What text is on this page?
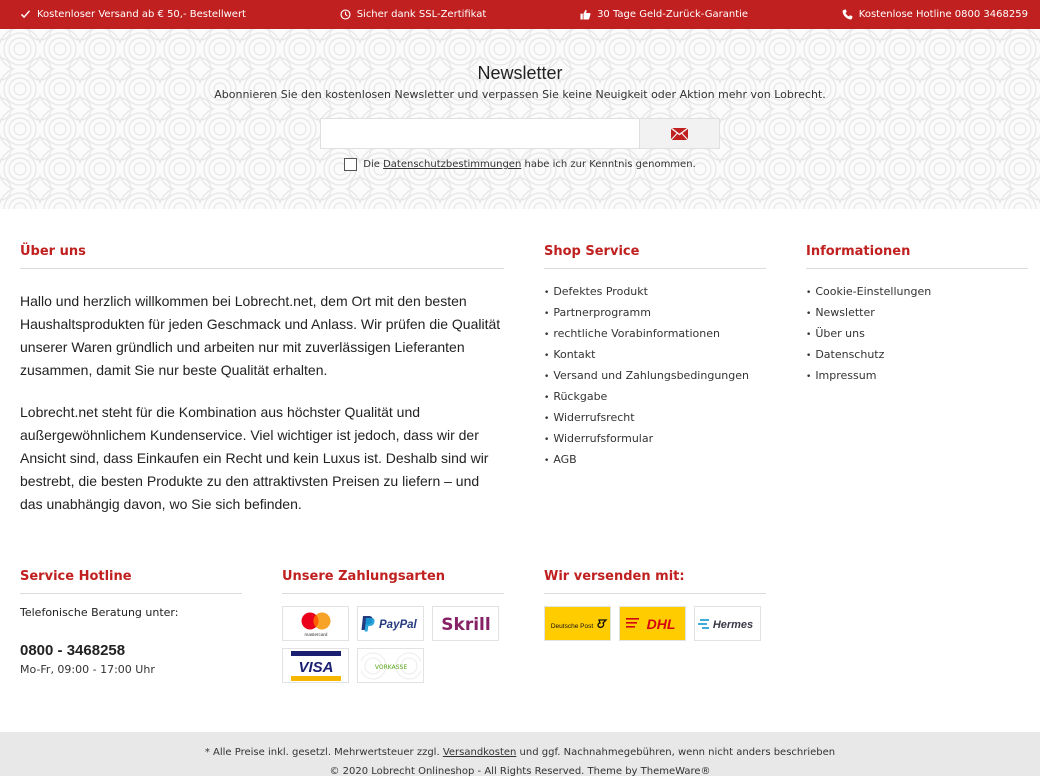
Kostenloser Versand ab € 50,- Bestellwert	Sicher dank SSL-Zertifikat	30 Tage Geld-Zurück-Garantie	Kostenlose Hotline 0800 3468259
Newsletter
Abonnieren Sie den kostenlosen Newsletter und verpassen Sie keine Neuigkeit oder Aktion mehr von Lobrecht.
Die Datenschutzbestimmungen habe ich zur Kenntnis genommen.
Über uns

Hallo und herzlich willkommen bei Lobrecht.net, dem Ort mit den besten Haushaltsprodukten für jeden Geschmack und Anlass. Wir prüfen die Qualität unserer Waren gründlich und arbeiten nur mit zuverlässigen Lieferanten zusammen, damit Sie nur beste Qualität erhalten.

Lobrecht.net steht für die Kombination aus höchster Qualität und außergewöhnlichem Kundenservice. Viel wichtiger ist jedoch, dass wir der Ansicht sind, dass Einkaufen ein Recht und kein Luxus ist. Deshalb sind wir bestrebt, die besten Produkte zu den attraktivsten Preisen zu liefern – und das unabhängig davon, wo Sie sich befinden.

Shop Service
• Defektes Produkt
• Partnerprogramm
• rechtliche Vorabinformationen
• Kontakt
• Versand und Zahlungsbedingungen
• Rückgabe
• Widerrufsrecht
• Widerrufsformular
• AGB
Informationen
• Cookie-Einstellungen
• Newsletter
• Über uns
• Datenschutz
• Impressum
Service Hotline
Telefonische Beratung unter:
0800 - 3468258
Mo-Fr, 09:00 - 17:00 Uhr
Unsere Zahlungsarten
mastercard
PayPal Skrill
VISA	VORKASSE
Wir versenden mit:
Deutsche Post	DHL	Hermes
* Alle Preise inkl. gesetzl. Mehrwertsteuer zzgl. Versandkosten und ggf. Nachnahmegebühren, wenn nicht anders beschrieben
© 2020 Lobrecht Onlineshop - All Rights Reserved. Theme by ThemeWare®
